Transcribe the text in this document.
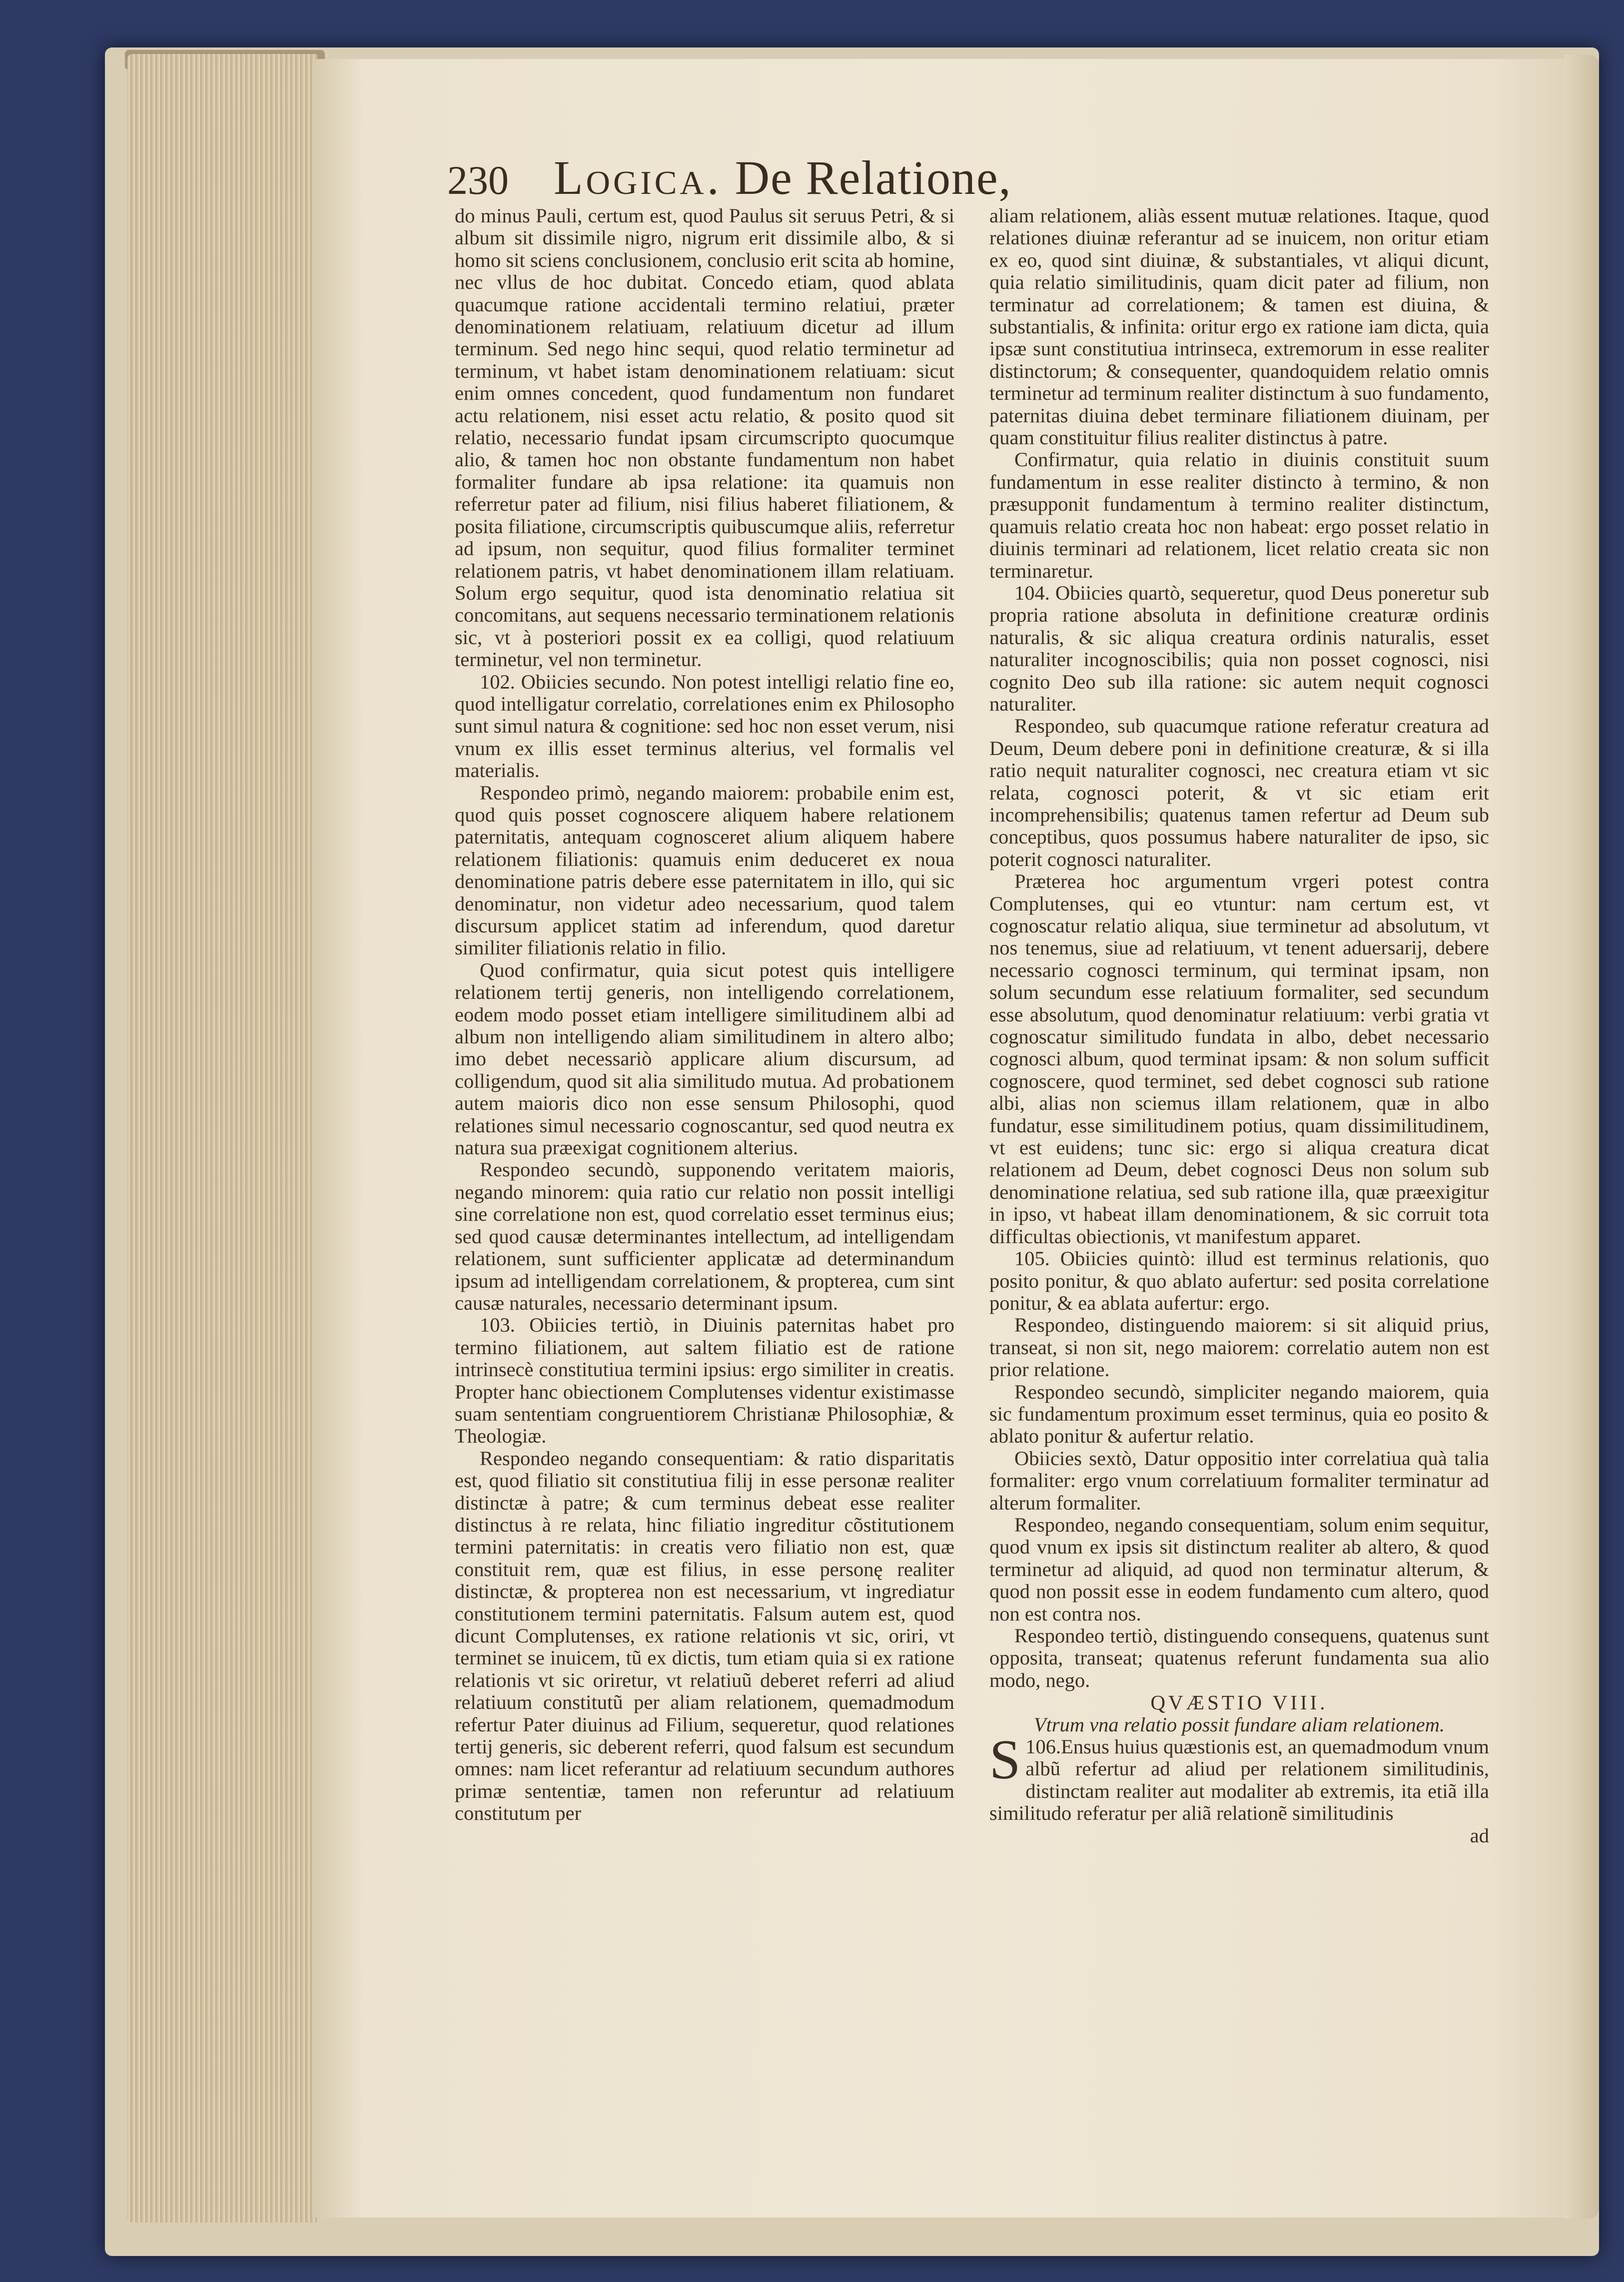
230 Logica. De Relatione,

do minus Pauli, certum est, quod Paulus sit seruus Petri, & si album sit dissimile nigro, nigrum erit dissimile albo, & si homo sit sciens conclusionem, conclusio erit scita ab homine, nec vllus de hoc dubitat. Concedo etiam, quod ablata quacumque ratione accidentali termino relatiui, præter denominationem relatiuam, relatiuum dicetur ad illum terminum. Sed nego hinc sequi, quod relatio terminetur ad terminum, vt habet istam denominationem relatiuam: sicut enim omnes concedent, quod fundamentum non fundaret actu relationem, nisi esset actu relatio, & posito quod sit relatio, necessario fundat ipsam circumscripto quocumque alio, & tamen hoc non obstante fundamentum non habet formaliter fundare ab ipsa relatione: ita quamuis non referretur pater ad filium, nisi filius haberet filiationem, & posita filiatione, circumscriptis quibuscumque aliis, referretur ad ipsum, non sequitur, quod filius formaliter terminet relationem patris, vt habet denominationem illam relatiuam. Solum ergo sequitur, quod ista denominatio relatiua sit concomitans, aut sequens necessario terminationem relationis sic, vt à posteriori possit ex ea colligi, quod relatiuum terminetur, vel non terminetur.

102. Obiicies secundo. Non potest intelligi relatio fine eo, quod intelligatur correlatio, correlationes enim ex Philosopho sunt simul natura & cognitione: sed hoc non esset verum, nisi vnum ex illis esset terminus alterius, vel formalis vel materialis.

Respondeo primò, negando maiorem: probabile enim est, quod quis posset cognoscere aliquem habere relationem paternitatis, antequam cognosceret alium aliquem habere relationem filiationis: quamuis enim deduceret ex noua denominatione patris debere esse paternitatem in illo, qui sic denominatur, non videtur adeo necessarium, quod talem discursum applicet statim ad inferendum, quod daretur similiter filiationis relatio in filio.

Quod confirmatur, quia sicut potest quis intelligere relationem tertij generis, non intelligendo correlationem, eodem modo posset etiam intelligere similitudinem albi ad album non intelligendo aliam similitudinem in altero albo; imo debet necessariò applicare alium discursum, ad colligendum, quod sit alia similitudo mutua. Ad probationem autem maioris dico non esse sensum Philosophi, quod relationes simul necessario cognoscantur, sed quod neutra ex natura sua præexigat cognitionem alterius.

Respondeo secundò, supponendo veritatem maioris, negando minorem: quia ratio cur relatio non possit intelligi sine correlatione non est, quod correlatio esset terminus eius; sed quod causæ determinantes intellectum, ad intelligendam relationem, sunt sufficienter applicatæ ad determinandum ipsum ad intelligendam correlationem, & propterea, cum sint causæ naturales, necessario determinant ipsum.

103. Obiicies tertiò, in Diuinis paternitas habet pro termino filiationem, aut saltem filiatio est de ratione intrinsecè constitutiua termini ipsius: ergo similiter in creatis. Propter hanc obiectionem Complutenses videntur existimasse suam sententiam congruentiorem Christianæ Philosophiæ, & Theologiæ.

Respondeo negando consequentiam: & ratio disparitatis est, quod filiatio sit constitutiua filij in esse personæ realiter distinctæ à patre; & cum terminus debeat esse realiter distinctus à re relata, hinc filiatio ingreditur cõstitutionem termini paternitatis: in creatis vero filiatio non est, quæ constituit rem, quæ est filius, in esse personę realiter distinctæ, & propterea non est necessarium, vt ingrediatur constitutionem termini paternitatis. Falsum autem est, quod dicunt Complutenses, ex ratione relationis vt sic, oriri, vt terminet se inuicem, tũ ex dictis, tum etiam quia si ex ratione relationis vt sic oriretur, vt relatiuũ deberet referri ad aliud relatiuum constitutũ per aliam relationem, quemadmodum refertur Pater diuinus ad Filium, sequeretur, quod relationes tertij generis, sic deberent referri, quod falsum est secundum omnes: nam licet referantur ad relatiuum secundum authores primæ sententiæ, tamen non referuntur ad relatiuum constitutum per

aliam relationem, aliàs essent mutuæ relationes. Itaque, quod relationes diuinæ referantur ad se inuicem, non oritur etiam ex eo, quod sint diuinæ, & substantiales, vt aliqui dicunt, quia relatio similitudinis, quam dicit pater ad filium, non terminatur ad correlationem; & tamen est diuina, & substantialis, & infinita: oritur ergo ex ratione iam dicta, quia ipsæ sunt constitutiua intrinseca, extremorum in esse realiter distinctorum; & consequenter, quandoquidem relatio omnis terminetur ad terminum realiter distinctum à suo fundamento, paternitas diuina debet terminare filiationem diuinam, per quam constituitur filius realiter distinctus à patre.

Confirmatur, quia relatio in diuinis constituit suum fundamentum in esse realiter distincto à termino, & non præsupponit fundamentum à termino realiter distinctum, quamuis relatio creata hoc non habeat: ergo posset relatio in diuinis terminari ad relationem, licet relatio creata sic non terminaretur.

104. Obiicies quartò, sequeretur, quod Deus poneretur sub propria ratione absoluta in definitione creaturæ ordinis naturalis, & sic aliqua creatura ordinis naturalis, esset naturaliter incognoscibilis; quia non posset cognosci, nisi cognito Deo sub illa ratione: sic autem nequit cognosci naturaliter.

Respondeo, sub quacumque ratione referatur creatura ad Deum, Deum debere poni in definitione creaturæ, & si illa ratio nequit naturaliter cognosci, nec creatura etiam vt sic relata, cognosci poterit, & vt sic etiam erit incomprehensibilis; quatenus tamen refertur ad Deum sub conceptibus, quos possumus habere naturaliter de ipso, sic poterit cognosci naturaliter.

Præterea hoc argumentum vrgeri potest contra Complutenses, qui eo vtuntur: nam certum est, vt cognoscatur relatio aliqua, siue terminetur ad absolutum, vt nos tenemus, siue ad relatiuum, vt tenent aduersarij, debere necessario cognosci terminum, qui terminat ipsam, non solum secundum esse relatiuum formaliter, sed secundum esse absolutum, quod denominatur relatiuum: verbi gratia vt cognoscatur similitudo fundata in albo, debet necessario cognosci album, quod terminat ipsam: & non solum sufficit cognoscere, quod terminet, sed debet cognosci sub ratione albi, alias non sciemus illam relationem, quæ in albo fundatur, esse similitudinem potius, quam dissimilitudinem, vt est euidens; tunc sic: ergo si aliqua creatura dicat relationem ad Deum, debet cognosci Deus non solum sub denominatione relatiua, sed sub ratione illa, quæ præexigitur in ipso, vt habeat illam denominationem, & sic corruit tota difficultas obiectionis, vt manifestum apparet.

105. Obiicies quintò: illud est terminus relationis, quo posito ponitur, & quo ablato aufertur: sed posita correlatione ponitur, & ea ablata aufertur: ergo.

Respondeo, distinguendo maiorem: si sit aliquid prius, transeat, si non sit, nego maiorem: correlatio autem non est prior relatione.

Respondeo secundò, simpliciter negando maiorem, quia sic fundamentum proximum esset terminus, quia eo posito & ablato ponitur & aufertur relatio.

Obiicies sextò, Datur oppositio inter correlatiua quà talia formaliter: ergo vnum correlatiuum formaliter terminatur ad alterum formaliter.

Respondeo, negando consequentiam, solum enim sequitur, quod vnum ex ipsis sit distinctum realiter ab altero, & quod terminetur ad aliquid, ad quod non terminatur alterum, & quod non possit esse in eodem fundamento cum altero, quod non est contra nos.

Respondeo tertiò, distinguendo consequens, quatenus sunt opposita, transeat; quatenus referunt fundamenta sua alio modo, nego.

QVÆSTIO VIII.

Vtrum vna relatio possit fundare aliam relationem.

106.
S Ensus huius quæstionis est, an quemadmodum vnum albũ refertur ad aliud per relationem similitudinis, distinctam realiter aut modaliter ab extremis, ita etiã illa similitudo referatur per aliã relationẽ similitudinis

ad
